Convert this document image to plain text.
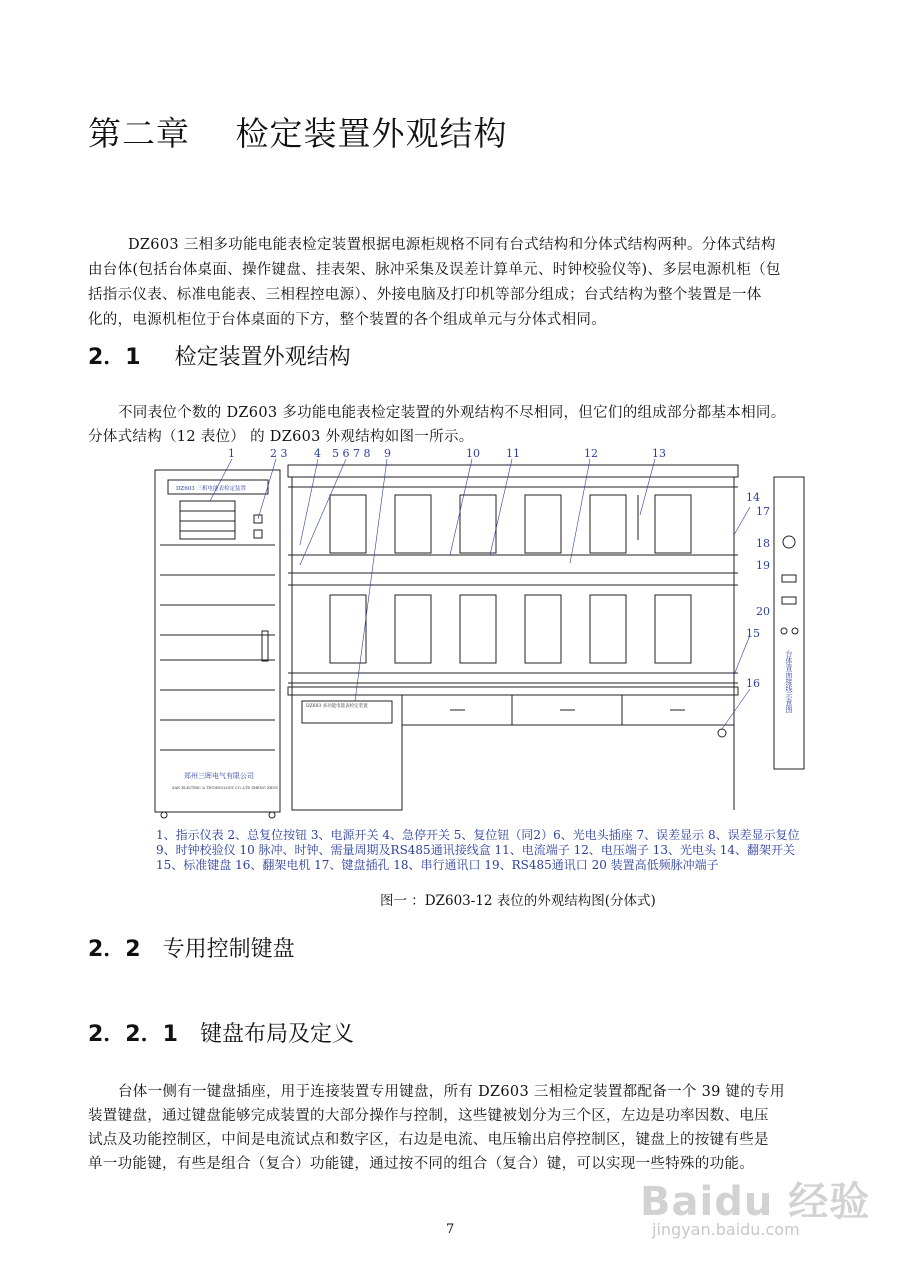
第二章　 检定装置外观结构
DZ603 三相多功能电能表检定装置根据电源柜规格不同有台式结构和分体式结构两种。分体式结构
由台体(包括台体桌面、操作键盘、挂表架、脉冲采集及误差计算单元、时钟校验仪等)、多层电源机柜（包
括指示仪表、标准电能表、三相程控电源）、外接电脑及打印机等部分组成；台式结构为整个装置是一体
化的，电源机柜位于台体桌面的下方，整个装置的各个组成单元与分体式相同。
2．1 检定装置外观结构
不同表位个数的 DZ603 多功能电能表检定装置的外观结构不尽相同，但它们的组成部分都基本相同。
分体式结构（12 表位） 的 DZ603 外观结构如图一所示。
1	2 3 4 5 6 7 8 9	10 11	12	13
14
17
18
19
20
15
16
DZ603 三相电能表检定装置
郑州三晖电气有限公司
SAN ELECTRIC & TECHNOLOGY CO.,LTD ZHENG ZHOU
DZ603 多功能电能表检定装置	台体背面接线示意图
1、指示仪表 2、总复位按钮 3、电源开关 4、急停开关 5、复位钮（同2）6、光电头插座 7、误差显示 8、误差显示复位
9、时钟校验仪 10 脉冲、时钟、需量周期及RS485通讯接线盒 11、电流端子 12、电压端子 13、光电头 14、翻架开关
15、标准键盘 16、翻架电机 17、键盘插孔 18、串行通讯口 19、RS485通讯口 20 装置高低频脉冲端子
图一 ：DZ603-12 表位的外观结构图(分体式)
2．2 专用控制键盘
2．2．1 键盘布局及定义
台体一侧有一键盘插座，用于连接装置专用键盘，所有 DZ603 三相检定装置都配备一个 39 键的专用
装置键盘，通过键盘能够完成装置的大部分操作与控制，这些键被划分为三个区，左边是功率因数、电压
试点及功能控制区，中间是电流试点和数字区，右边是电流、电压输出启停控制区，键盘上的按键有些是
单一功能键，有些是组合（复合）功能键，通过按不同的组合（复合）键，可以实现一些特殊的功能。
7
Baidu 经验
jingyan.baidu.com
